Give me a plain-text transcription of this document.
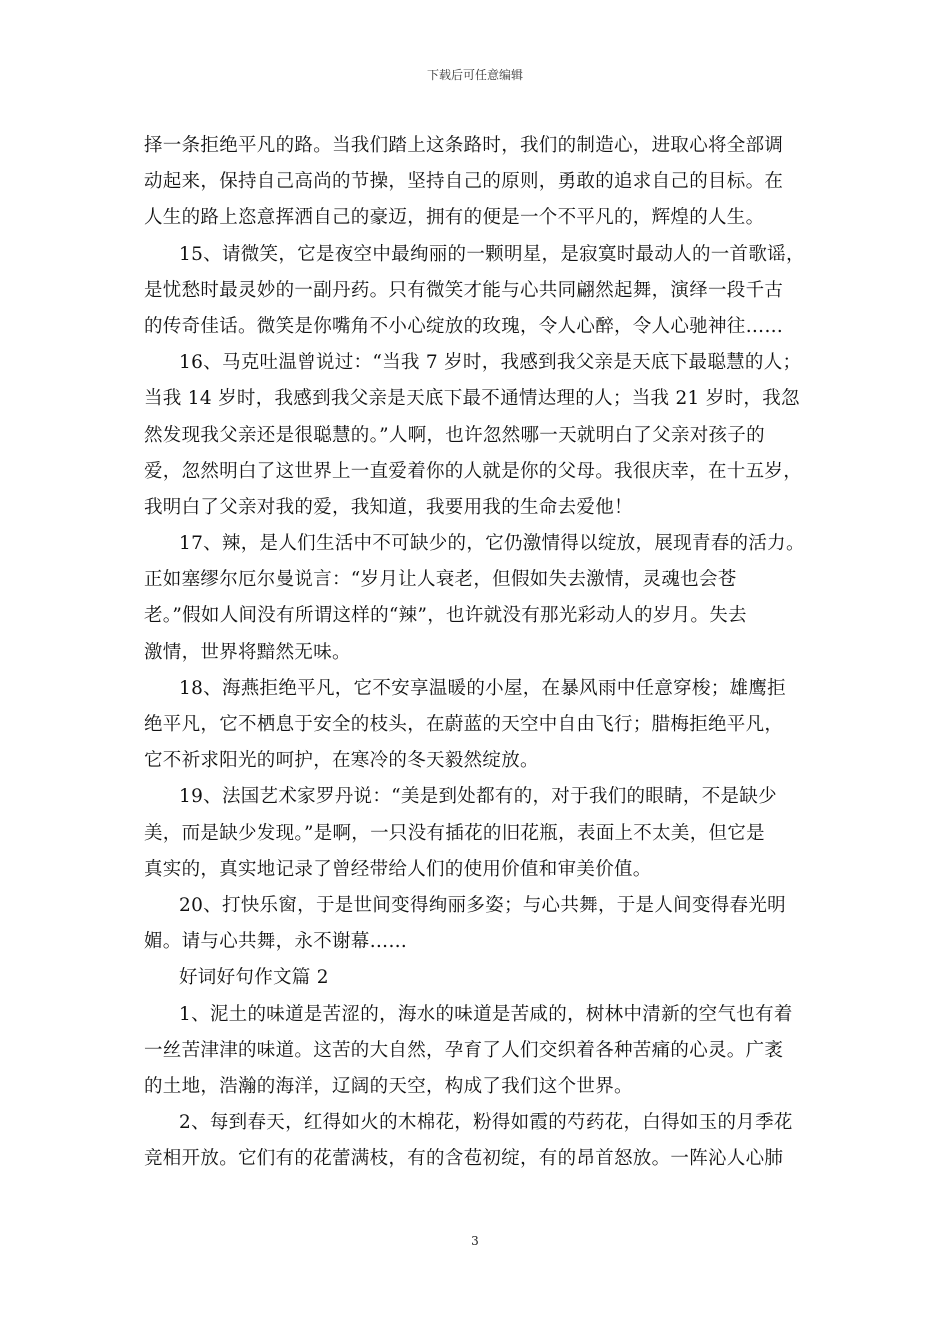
下载后可任意编辑
择一条拒绝平凡的路。当我们踏上这条路时，我们的制造心，进取心将全部调
动起来，保持自己高尚的节操，坚持自己的原则，勇敢的追求自己的目标。在
人生的路上恣意挥洒自己的豪迈，拥有的便是一个不平凡的，辉煌的人生。
15、请微笑，它是夜空中最绚丽的一颗明星，是寂寞时最动人的一首歌谣，
是忧愁时最灵妙的一副丹药。只有微笑才能与心共同翩然起舞，演绎一段千古
的传奇佳话。微笑是你嘴角不小心绽放的玫瑰，令人心醉，令人心驰神往……
16、马克吐温曾说过：“当我 7 岁时，我感到我父亲是天底下最聪慧的人；
当我 14 岁时，我感到我父亲是天底下最不通情达理的人；当我 21 岁时，我忽
然发现我父亲还是很聪慧的。”人啊，也许忽然哪一天就明白了父亲对孩子的
爱，忽然明白了这世界上一直爱着你的人就是你的父母。我很庆幸，在十五岁，
我明白了父亲对我的爱，我知道，我要用我的生命去爱他！
17、辣，是人们生活中不可缺少的，它仍激情得以绽放，展现青春的活力。
正如塞缪尔厄尔曼说言：“岁月让人衰老，但假如失去激情，灵魂也会苍
老。”假如人间没有所谓这样的“辣”，也许就没有那光彩动人的岁月。失去
激情，世界将黯然无味。
18、海燕拒绝平凡，它不安享温暖的小屋，在暴风雨中任意穿梭；雄鹰拒
绝平凡，它不栖息于安全的枝头，在蔚蓝的天空中自由飞行；腊梅拒绝平凡，
它不祈求阳光的呵护，在寒冷的冬天毅然绽放。
19、法国艺术家罗丹说：“美是到处都有的，对于我们的眼睛，不是缺少
美，而是缺少发现。”是啊，一只没有插花的旧花瓶，表面上不太美，但它是
真实的，真实地记录了曾经带给人们的使用价值和审美价值。
20、打快乐窗，于是世间变得绚丽多姿；与心共舞，于是人间变得春光明
媚。请与心共舞，永不谢幕……
好词好句作文篇 2
1、泥土的味道是苦涩的，海水的味道是苦咸的，树林中清新的空气也有着
一丝苦津津的味道。这苦的大自然，孕育了人们交织着各种苦痛的心灵。广袤
的土地，浩瀚的海洋，辽阔的天空，构成了我们这个世界。
2、每到春天，红得如火的木棉花，粉得如霞的芍药花，白得如玉的月季花
竞相开放。它们有的花蕾满枝，有的含苞初绽，有的昂首怒放。一阵沁人心肺
3
